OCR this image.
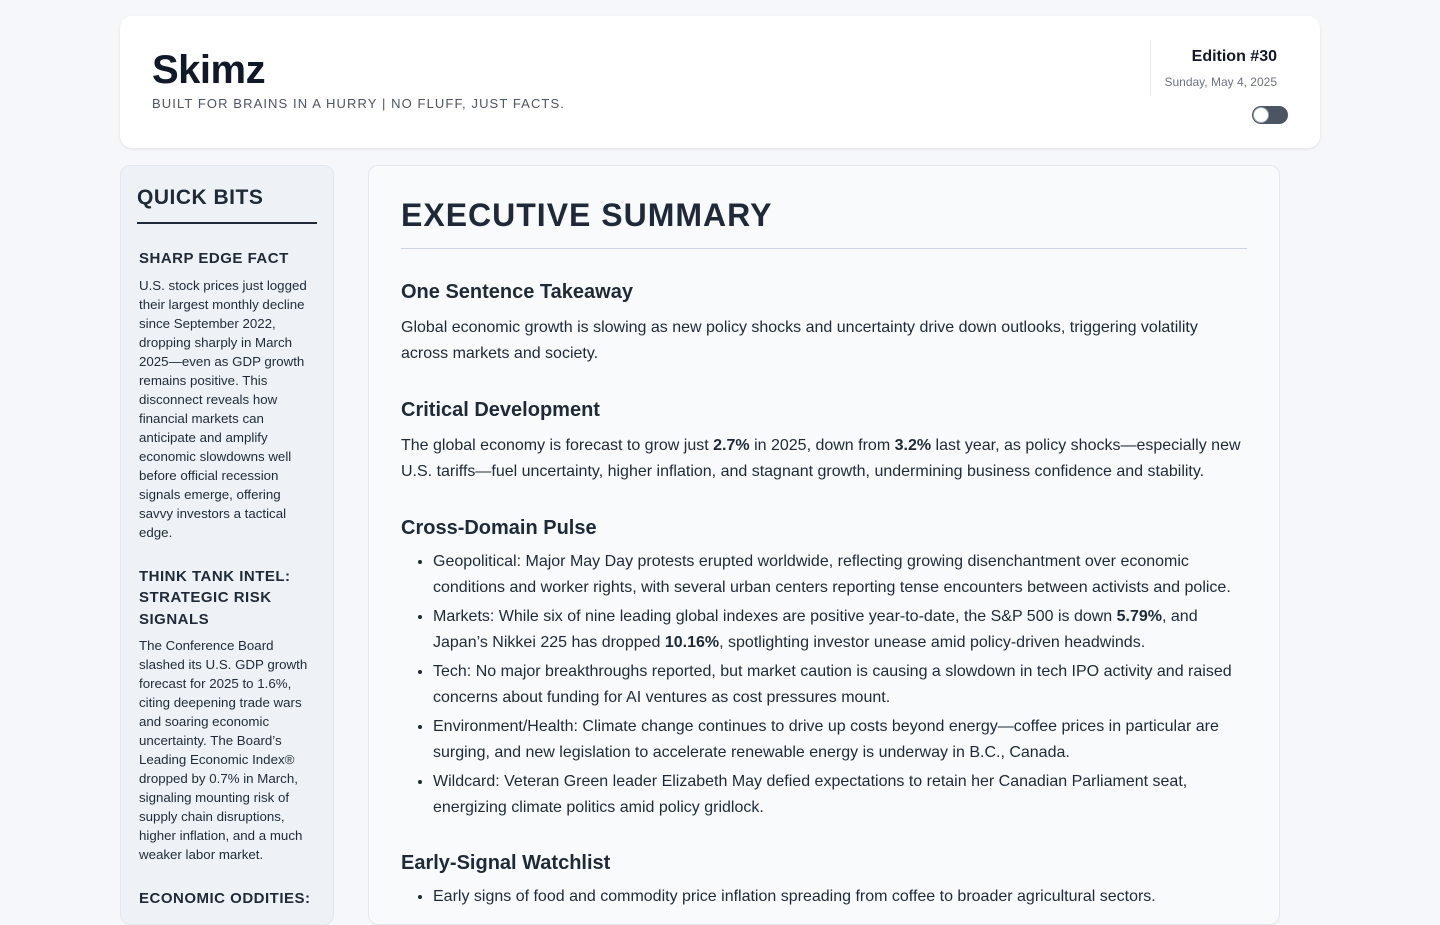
Skimz
BUILT FOR BRAINS IN A HURRY | NO FLUFF, JUST FACTS.
Edition #30
Sunday, May 4, 2025
QUICK BITS
SHARP EDGE FACT

U.S. stock prices just logged their largest monthly decline since September 2022, dropping sharply in March 2025—even as GDP growth remains positive. This disconnect reveals how financial markets can anticipate and amplify economic slowdowns well before official recession signals emerge, offering savvy investors a tactical edge.

THINK TANK INTEL: STRATEGIC RISK SIGNALS

The Conference Board slashed its U.S. GDP growth forecast for 2025 to 1.6%, citing deepening trade wars and soaring economic uncertainty. The Board’s Leading Economic Index® dropped by 0.7% in March, signaling mounting risk of supply chain disruptions, higher inflation, and a much weaker labor market.

ECONOMIC ODDITIES:

EXECUTIVE SUMMARY
One Sentence Takeaway

Global economic growth is slowing as new policy shocks and uncertainty drive down outlooks, triggering volatility across markets and society.

Critical Development

The global economy is forecast to grow just 2.7% in 2025, down from 3.2% last year, as policy shocks—especially new U.S. tariffs—fuel uncertainty, higher inflation, and stagnant growth, undermining business confidence and stability.

Cross-Domain Pulse
• Geopolitical: Major May Day protests erupted worldwide, reflecting growing disenchantment over economic conditions and worker rights, with several urban centers reporting tense encounters between activists and police.
• Markets: While six of nine leading global indexes are positive year-to-date, the S&P 500 is down 5.79%, and Japan’s Nikkei 225 has dropped 10.16%, spotlighting investor unease amid policy-driven headwinds.
• Tech: No major breakthroughs reported, but market caution is causing a slowdown in tech IPO activity and raised concerns about funding for AI ventures as cost pressures mount.
• Environment/Health: Climate change continues to drive up costs beyond energy—coffee prices in particular are surging, and new legislation to accelerate renewable energy is underway in B.C., Canada.
• Wildcard: Veteran Green leader Elizabeth May defied expectations to retain her Canadian Parliament seat, energizing climate politics amid policy gridlock.
Early-Signal Watchlist
• Early signs of food and commodity price inflation spreading from coffee to broader agricultural sectors.
